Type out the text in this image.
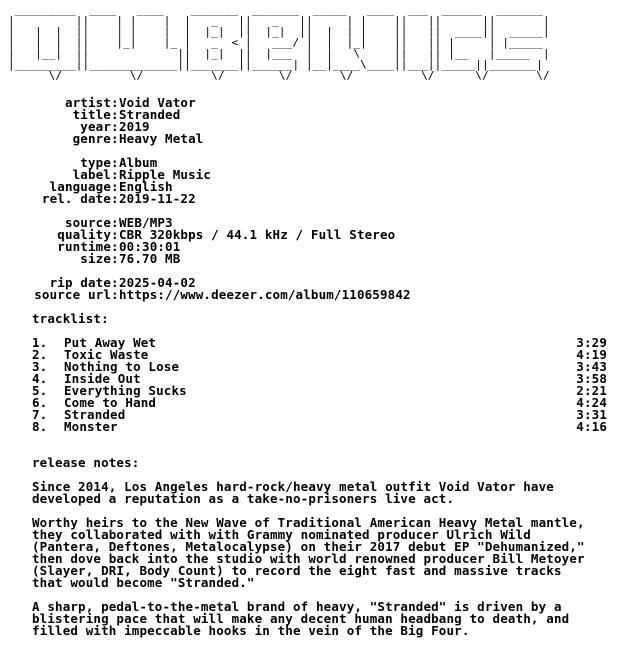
_________  ____   ____    _______  _______  _____   ____  ___  ______  _______
|         ||    | |    |  |   _   ||   _   ||     | |    ||   ||      ||       |
|   |  |  ||    | |    |  |  |_|  ||  |_|  ||  |  | |    ||   ||  ____||  _____|
|   |  |  ||    |_|    |_ |   _  < |   ___/ |  |  |_|    ||   || |     | |_____
|   |__|  ||             ||  |_|  ||  |___  |  |   \     ||   || |__   |_____  |
|_________||_____________||_______||______| |__|____\____||___||_____||_______|
\/          \/          \/        \/       \/          \/      \/       \/
artist : Void Vator
title : Stranded
year : 2019
genre : Heavy Metal
type : Album
label : Ripple Music
language : English
rel. date : 2019-11-22
source : WEB/MP3
quality : CBR 320kbps / 44.1 kHz / Full Stereo
runtime : 00:30:01
size : 76.70 MB
rip date : 2025-04-02
source url : https://www.deezer.com/album/110659842
tracklist:
1.	Put Away Wet	3:29
2.	Toxic Waste	4:19
3.	Nothing to Lose	3:43
4.	Inside Out	3:58
5.	Everything Sucks	2:21
6.	Come to Hand	4:24
7.	Stranded	3:31
8.	Monster	4:16
release notes:
Since 2014, Los Angeles hard-rock/heavy metal outfit Void Vator have
developed a reputation as a take-no-prisoners live act.
Worthy heirs to the New Wave of Traditional American Heavy Metal mantle,
they collaborated with with Grammy nominated producer Ulrich Wild
(Pantera, Deftones, Metalocalypse) on their 2017 debut EP "Dehumanized,"
then dove back into the studio with world renowned producer Bill Metoyer
(Slayer, DRI, Body Count) to record the eight fast and massive tracks
that would become "Stranded."
A sharp, pedal-to-the-metal brand of heavy, "Stranded" is driven by a
blistering pace that will make any decent human headbang to death, and
filled with impeccable hooks in the vein of the Big Four.
